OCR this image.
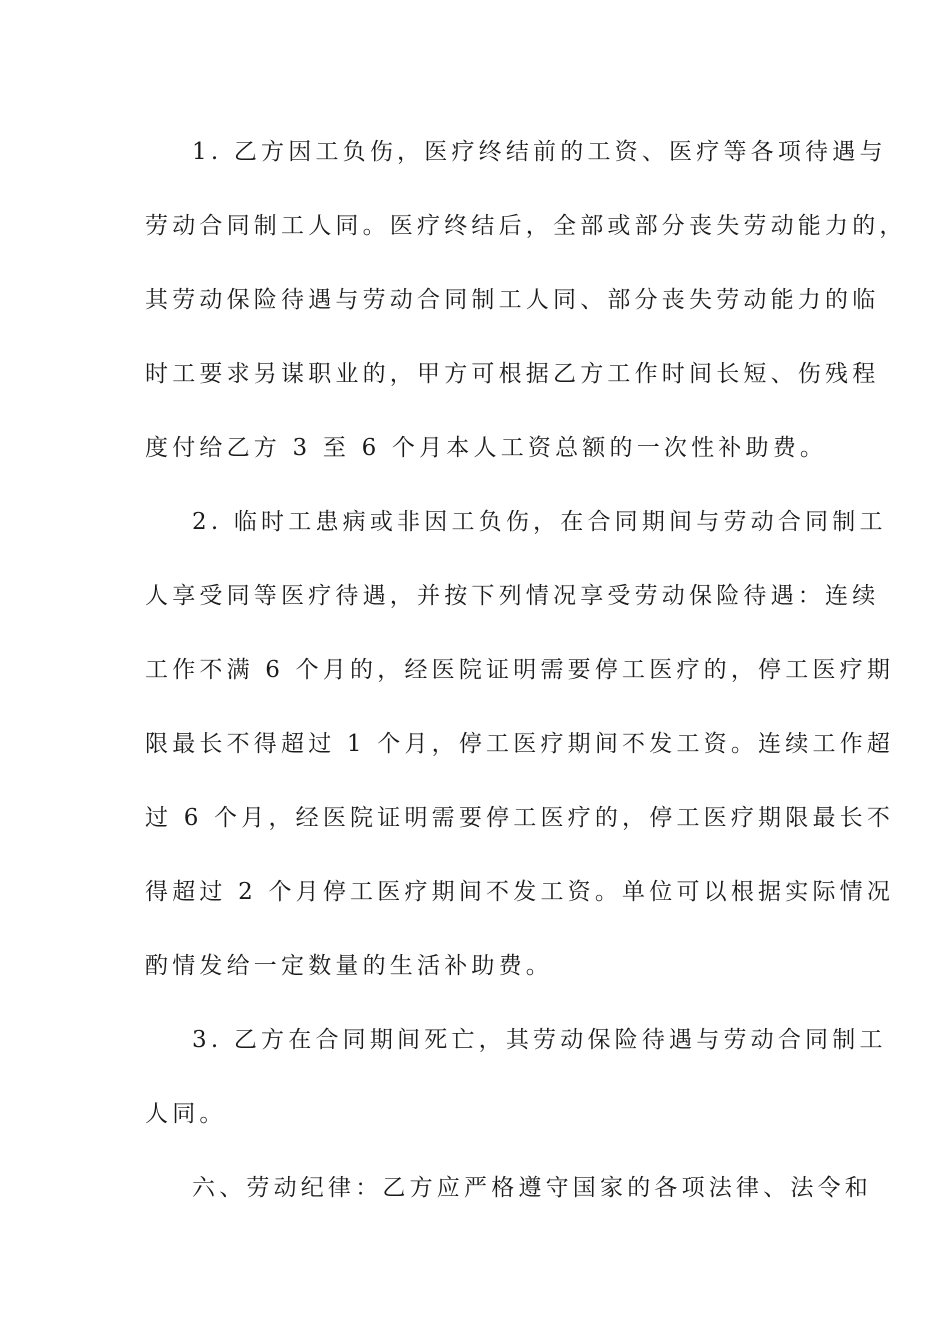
1. 乙方因工负伤，医疗终结前的工资、医疗等各项待遇与
劳动合同制工人同。医疗终结后，全部或部分丧失劳动能力的，
其劳动保险待遇与劳动合同制工人同、部分丧失劳动能力的临
时工要求另谋职业的，甲方可根据乙方工作时间长短、伤残程
度付给乙方 3 至 6 个月本人工资总额的一次性补助费。
2. 临时工患病或非因工负伤，在合同期间与劳动合同制工
人享受同等医疗待遇，并按下列情况享受劳动保险待遇：连续
工作不满 6 个月的，经医院证明需要停工医疗的，停工医疗期
限最长不得超过 1 个月，停工医疗期间不发工资。连续工作超
过 6 个月，经医院证明需要停工医疗的，停工医疗期限最长不
得超过 2 个月停工医疗期间不发工资。单位可以根据实际情况
酌情发给一定数量的生活补助费。
3. 乙方在合同期间死亡，其劳动保险待遇与劳动合同制工
人同。
六、劳动纪律：乙方应严格遵守国家的各项法律、法令和
